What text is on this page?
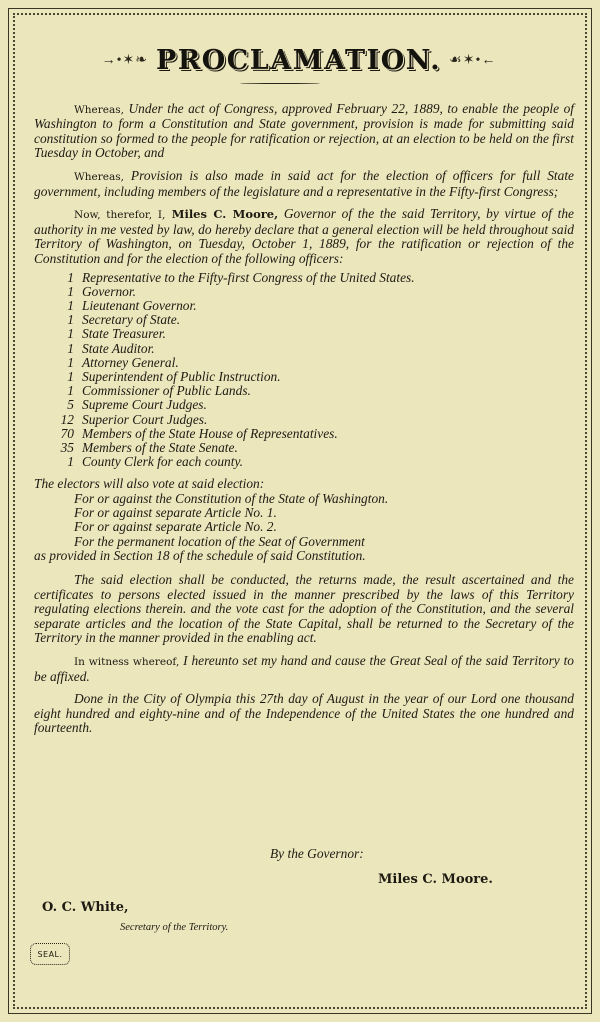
→•✶❧ PROCLAMATION. ☙✶•←

Whereas, Under the act of Congress, approved February 22, 1889, to enable the people of Washington to form a Constitution and State government, provision is made for submitting said constitution so formed to the people for ratification or rejection, at an election to be held on the first Tuesday in October, and

Whereas, Provision is also made in said act for the election of officers for full State government, including members of the legislature and a representative in the Fifty-first Congress;

Now, therefor, I, Miles C. Moore, Governor of the the said Territory, by virtue of the authority in me vested by law, do hereby declare that a general election will be held throughout said Territory of Washington, on Tuesday, October 1, 1889, for the ratification or rejection of the Constitution and for the election of the following officers:

1 Representative to the Fifty-first Congress of the United States.
1 Governor.
1 Lieutenant Governor.
1 Secretary of State.
1 State Treasurer.
1 State Auditor.
1 Attorney General.
1 Superintendent of Public Instruction.
1 Commissioner of Public Lands.
5 Supreme Court Judges.
12 Superior Court Judges.
70 Members of the State House of Representatives.
35 Members of the State Senate.
1 County Clerk for each county.

The electors will also vote at said election:

For or against the Constitution of the State of Washington.
For or against separate Article No. 1.
For or against separate Article No. 2.
For the permanent location of the Seat of Government
as provided in Section 18 of the schedule of said Constitution.

The said election shall be conducted, the returns made, the result ascertained and the certificates to persons elected issued in the manner prescribed by the laws of this Territory regulating elections therein. and the vote cast for the adoption of the Constitution, and the several separate articles and the location of the State Capital, shall be returned to the Secretary of the Territory in the manner provided in the enabling act.

In witness whereof, I hereunto set my hand and cause the Great Seal of the said Territory to be affixed.

Done in the City of Olympia this 27th day of August in the year of our Lord one thousand eight hundred and eighty-nine and of the Independence of the United States the one hundred and fourteenth.

By the Governor:
Miles C. Moore.
O. C. White,
Secretary of the Territory.
SEAL.
